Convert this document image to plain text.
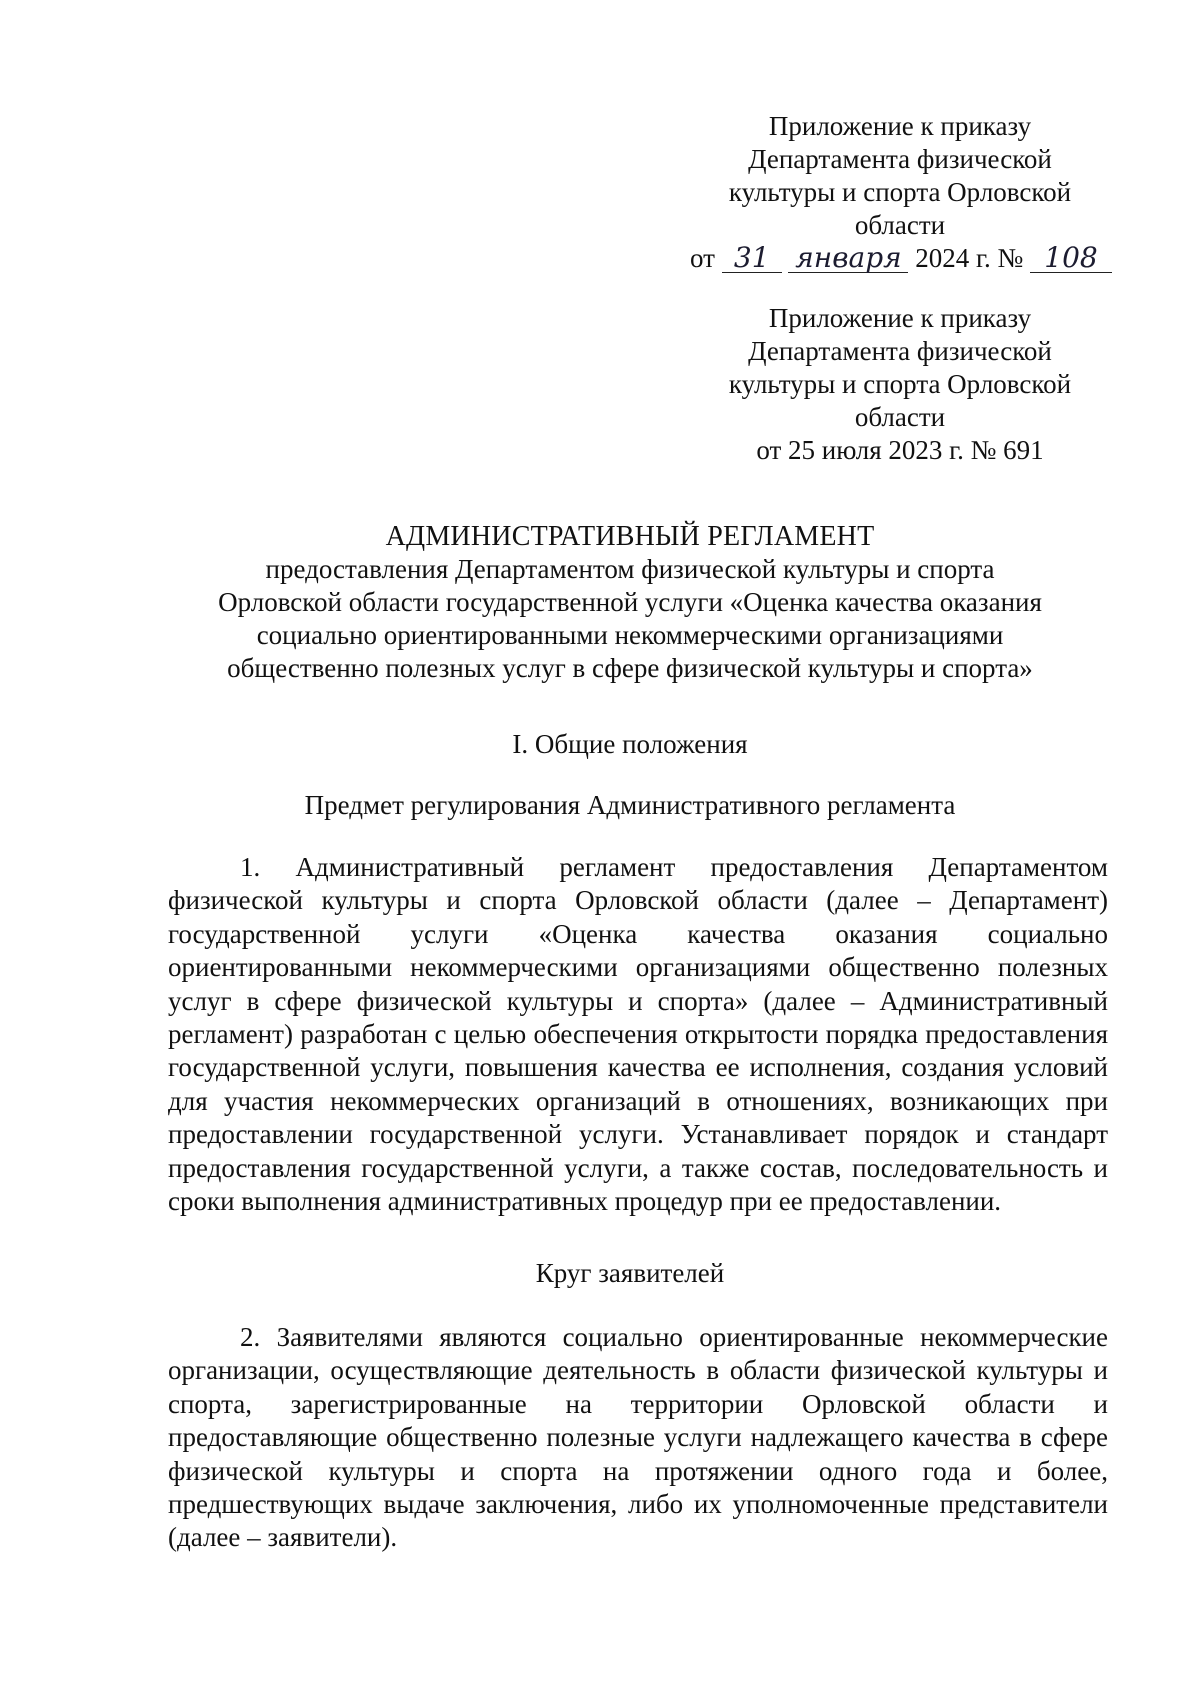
Приложение к приказу
Департамента физической
культуры и спорта Орловской
области
от 31 января 2024 г. № 108
Приложение к приказу
Департамента физической
культуры и спорта Орловской
области
от 25 июля 2023 г. № 691
АДМИНИСТРАТИВНЫЙ РЕГЛАМЕНТ
предоставления Департаментом физической культуры и спорта
Орловской области государственной услуги «Оценка качества оказания
социально ориентированными некоммерческими организациями
общественно полезных услуг в сфере физической культуры и спорта»
I. Общие положения
Предмет регулирования Административного регламента
1. Административный регламент предоставления Департаментом физической культуры и спорта Орловской области (далее – Департамент) государственной услуги «Оценка качества оказания социально ориентированными некоммерческими организациями общественно полезных услуг в сфере физической культуры и спорта» (далее – Административный регламент) разработан с целью обеспечения открытости порядка предоставления государственной услуги, повышения качества ее исполнения, создания условий для участия некоммерческих организаций в отношениях, возникающих при предоставлении государственной услуги. Устанавливает порядок и стандарт предоставления государственной услуги, а также состав, последовательность и сроки выполнения административных процедур при ее предоставлении.
Круг заявителей
2. Заявителями являются социально ориентированные некоммерческие организации, осуществляющие деятельность в области физической культуры и спорта, зарегистрированные на территории Орловской области и предоставляющие общественно полезные услуги надлежащего качества в сфере физической культуры и спорта на протяжении одного года и более, предшествующих выдаче заключения, либо их уполномоченные представители (далее – заявители).
